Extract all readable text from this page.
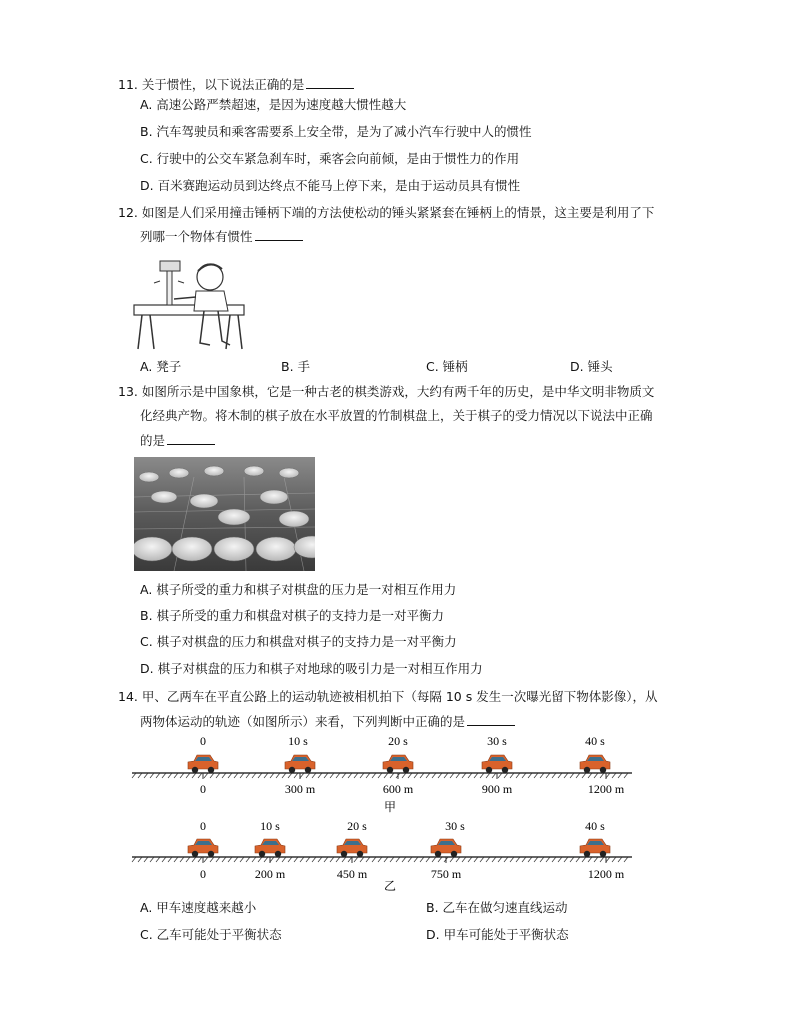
11. 关于惯性，以下说法正确的是
A. 高速公路严禁超速，是因为速度越大惯性越大
B. 汽车驾驶员和乘客需要系上安全带，是为了减小汽车行驶中人的惯性
C. 行驶中的公交车紧急刹车时，乘客会向前倾，是由于惯性力的作用
D. 百米赛跑运动员到达终点不能马上停下来，是由于运动员具有惯性
12. 如图是人们采用撞击锤柄下端的方法使松动的锤头紧紧套在锤柄上的情景，这主要是利用了下
列哪一个物体有惯性
A. 凳子	B. 手	C. 锤柄	D. 锤头
13. 如图所示是中国象棋，它是一种古老的棋类游戏，大约有两千年的历史，是中华文明非物质文
化经典产物。将木制的棋子放在水平放置的竹制棋盘上，关于棋子的受力情况以下说法中正确
的是
A. 棋子所受的重力和棋子对棋盘的压力是一对相互作用力
B. 棋子所受的重力和棋盘对棋子的支持力是一对平衡力
C. 棋子对棋盘的压力和棋盘对棋子的支持力是一对平衡力
D. 棋子对棋盘的压力和棋子对地球的吸引力是一对相互作用力
14. 甲、乙两车在平直公路上的运动轨迹被相机拍下（每隔 10 s 发生一次曝光留下物体影像），从
两物体运动的轨迹（如图所示）来看，下列判断中正确的是
0	10 s	20 s	30 s	40 s
0	300 m	600 m	900 m	1200 m
甲
0	10 s	20 s	30 s	40 s
0	200 m	450 m	750 m	1200 m
乙
A. 甲车速度越来越小	B. 乙车在做匀速直线运动
C. 乙车可能处于平衡状态	D. 甲车可能处于平衡状态
